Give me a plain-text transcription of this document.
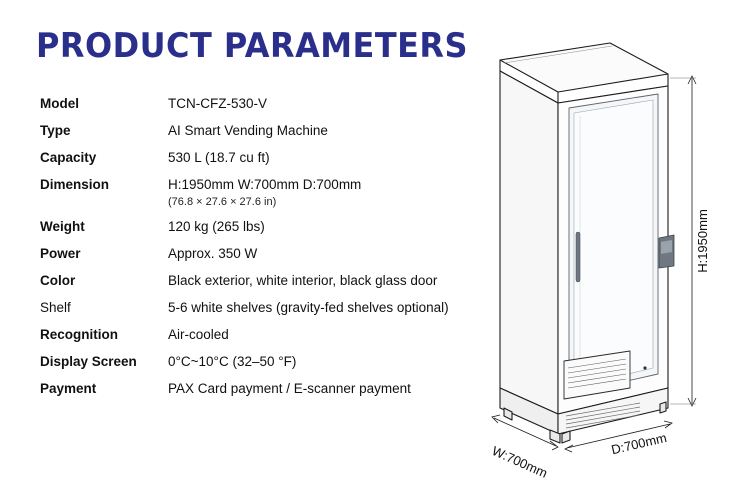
PRODUCT PARAMETERS
Model	TCN-CFZ-530-V
Type	AI Smart Vending Machine
Capacity	530 L (18.7 cu ft)
Dimension	H:1950mm W:700mm D:700mm
(76.8 × 27.6 × 27.6 in)
Weight	120 kg (265 lbs)
Power	Approx. 350 W
Color	Black exterior, white interior, black glass door
Shelf	5-6 white shelves (gravity-fed shelves optional)
Recognition	Air-cooled
Display Screen	0°C~10°C (32–50 °F)
Payment	PAX Card payment / E-scanner payment
H:1950mm
W:700mm	D:700mm
